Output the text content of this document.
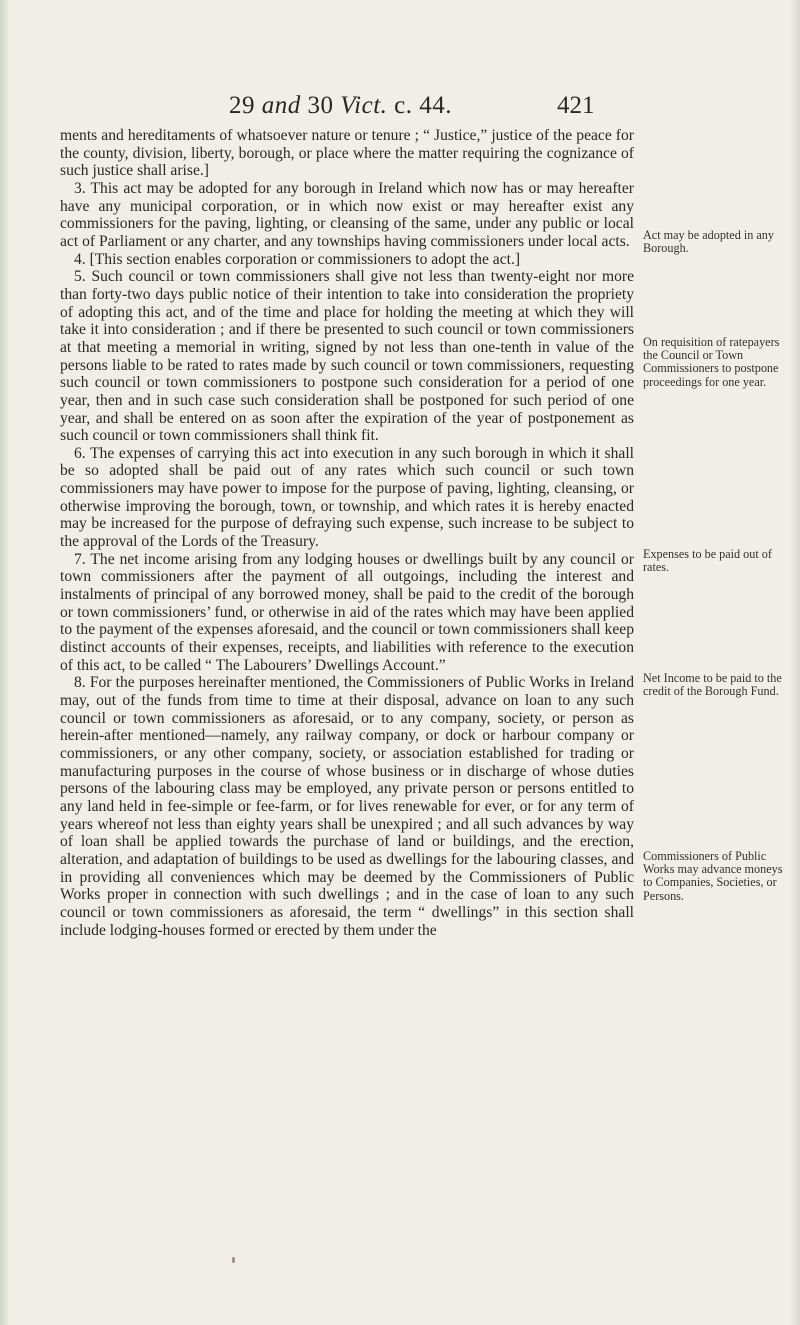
29 and 30 Vict. c. 44.	421

ments and hereditaments of whatsoever nature or tenure ; “ Justice,” justice of the peace for the county, division, liberty, borough, or place where the matter requiring the cognizance of such justice shall arise.]

3. This act may be adopted for any borough in Ireland which now has or may hereafter have any municipal corporation, or in which now exist or may hereafter exist any commissioners for the paving, lighting, or cleansing of the same, under any public or local act of Parliament or any charter, and any townships having commissioners under local acts.

4. [This section enables corporation or commissioners to adopt the act.]

5. Such council or town commissioners shall give not less than twenty-eight nor more than forty-two days public notice of their intention to take into consideration the propriety of adopting this act, and of the time and place for holding the meeting at which they will take it into consideration ; and if there be presented to such council or town commissioners at that meeting a memorial in writing, signed by not less than one-tenth in value of the persons liable to be rated to rates made by such council or town commissioners, requesting such council or town commissioners to postpone such consideration for a period of one year, then and in such case such consideration shall be postponed for such period of one year, and shall be entered on as soon after the expiration of the year of postponement as such council or town commissioners shall think fit.

6. The expenses of carrying this act into execution in any such borough in which it shall be so adopted shall be paid out of any rates which such council or such town commissioners may have power to impose for the purpose of paving, lighting, cleansing, or otherwise improving the borough, town, or township, and which rates it is hereby enacted may be increased for the purpose of defraying such expense, such increase to be subject to the approval of the Lords of the Treasury.

7. The net income arising from any lodging houses or dwellings built by any council or town commissioners after the payment of all outgoings, including the interest and instalments of principal of any borrowed money, shall be paid to the credit of the borough or town commissioners’ fund, or otherwise in aid of the rates which may have been applied to the payment of the expenses aforesaid, and the council or town commissioners shall keep distinct accounts of their expenses, receipts, and liabilities with reference to the execution of this act, to be called “ The Labourers’ Dwellings Account.”

8. For the purposes hereinafter mentioned, the Commissioners of Public Works in Ireland may, out of the funds from time to time at their disposal, advance on loan to any such council or town commissioners as aforesaid, or to any company, society, or person as herein-after mentioned—namely, any railway company, or dock or harbour company or commissioners, or any other company, society, or association established for trading or manufacturing purposes in the course of whose business or in discharge of whose duties persons of the labouring class may be employed, any private person or persons entitled to any land held in fee-simple or fee-farm, or for lives renewable for ever, or for any term of years whereof not less than eighty years shall be unexpired ; and all such advances by way of loan shall be applied towards the purchase of land or buildings, and the erection, alteration, and adaptation of buildings to be used as dwellings for the labouring classes, and in providing all conveniences which may be deemed by the Commissioners of Public Works proper in connection with such dwellings ; and in the case of loan to any such council or town commissioners as aforesaid, the term “ dwellings” in this section shall include lodging-houses formed or erected by them under the

Act may be adopted in any Borough.
On requisition of ratepayers the Council or Town Commissioners to postpone proceedings for one year.
Expenses to be paid out of rates.
Net Income to be paid to the credit of the Borough Fund.
Commissioners of Public Works may advance moneys to Companies, Societies, or Persons.
